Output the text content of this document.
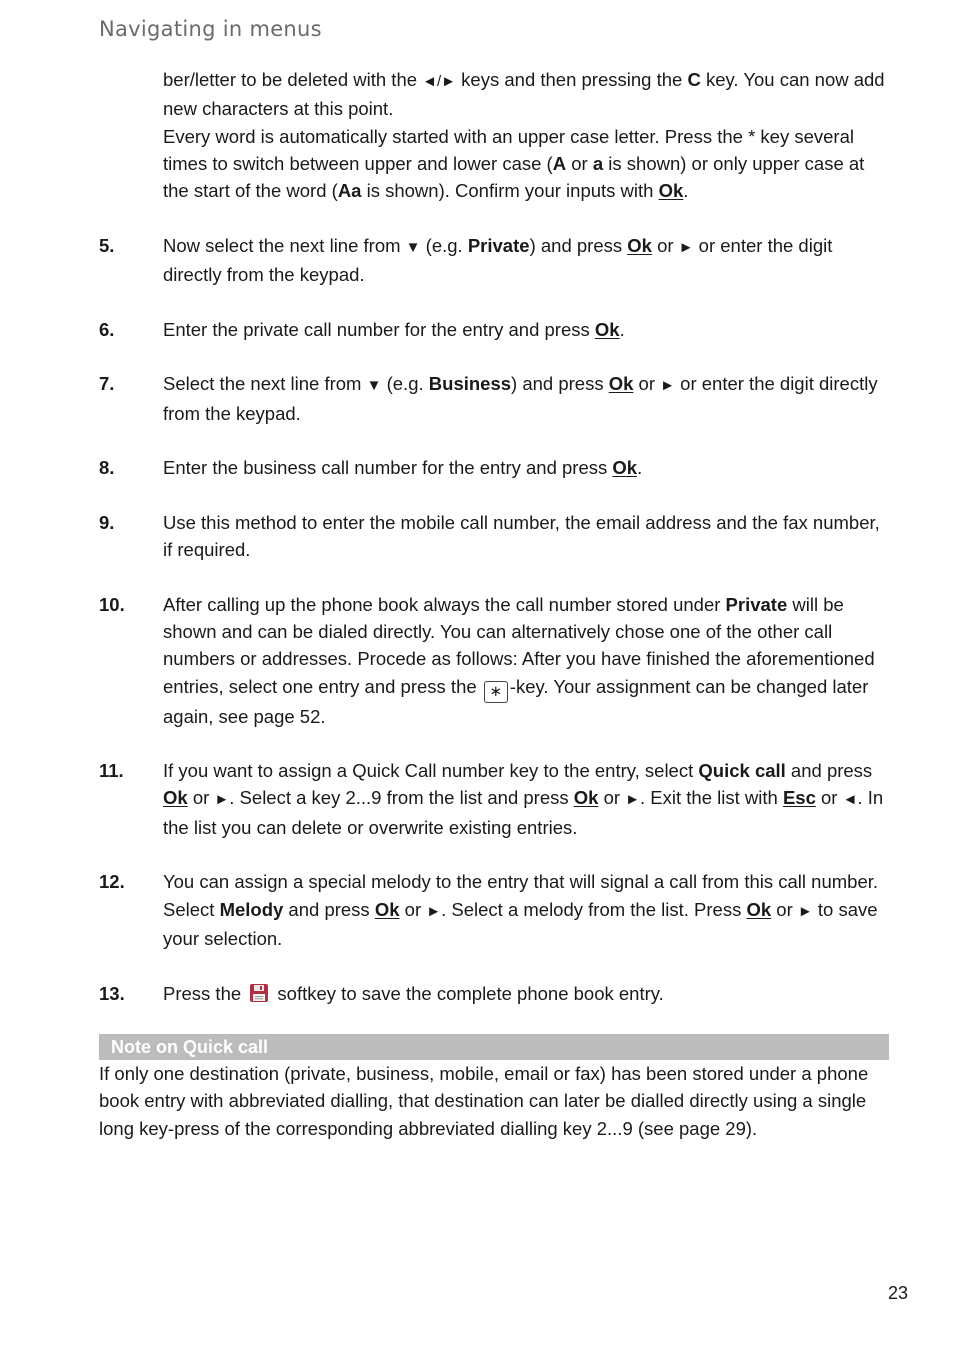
Navigating in menus

ber/letter to be deleted with the ◄/► keys and then pressing the C key. You can now add new characters at this point.

Every word is automatically started with an upper case letter. Press the * key several times to switch between upper and lower case (A or a is shown) or only upper case at the start of the word (Aa is shown). Confirm your inputs with Ok.

5.	Now select the next line from ▼ (e.g. Private) and press Ok or ► or enter the digit directly from the keypad.
6.	Enter the private call number for the entry and press Ok.
7.	Select the next line from ▼ (e.g. Business) and press Ok or ► or enter the digit directly from the keypad.
8.	Enter the business call number for the entry and press Ok.
9.	Use this method to enter the mobile call number, the email address and the fax number, if required.
10.	After calling up the phone book always the call number stored under Private will be shown and can be dialed directly. You can alternatively chose one of the other call numbers or addresses. Procede as follows: After you have finished the aforementioned entries, select one entry and press the ∗ -key. Your assignment can be changed later again, see page 52.
11.	If you want to assign a Quick Call number key to the entry, select Quick call and press Ok or ►. Select a key 2...9 from the list and press Ok or ►. Exit the list with Esc or ◄. In the list you can delete or overwrite existing entries.
12.	You can assign a special melody to the entry that will signal a call from this call number. Select Melody and press Ok or ►. Select a melody from the list. Press Ok or ► to save your selection.
13.	Press the  softkey to save the complete phone book entry.
Note on Quick call

If only one destination (private, business, mobile, email or fax) has been stored under a phone book entry with abbreviated dialling, that destination can later be dialled directly using a single long key-press of the corresponding abbreviated dialling key 2...9 (see page 29).

23
